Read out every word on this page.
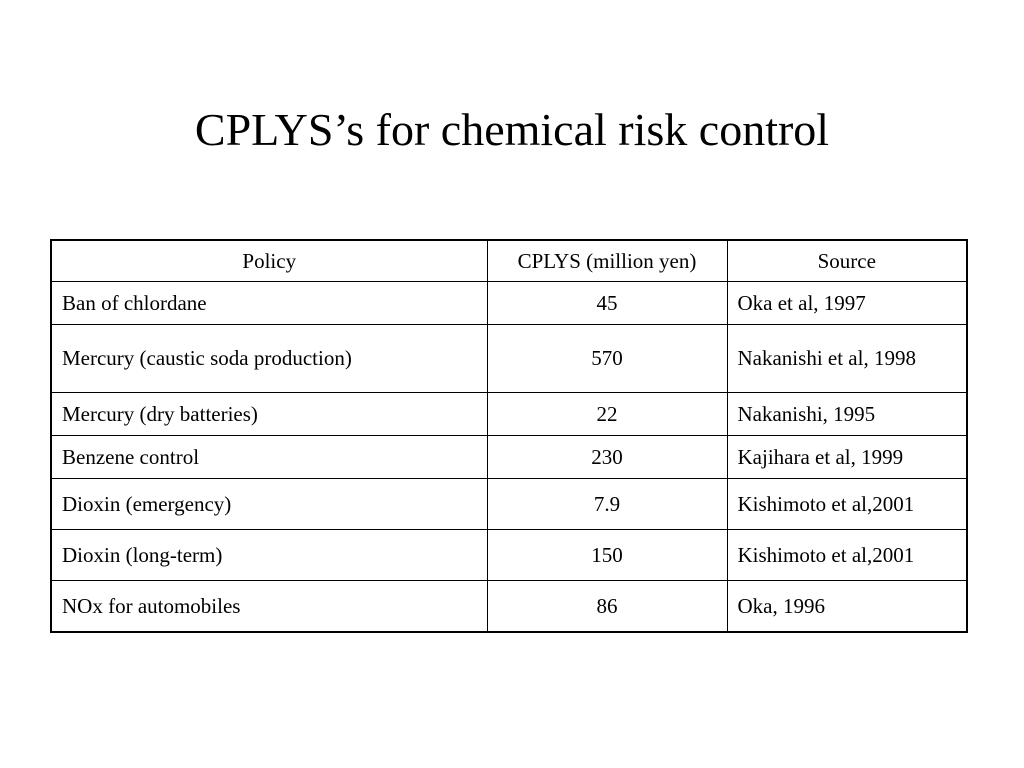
CPLYS’s for chemical risk control
Policy	CPLYS (million yen)	Source
Ban of chlordane	45	Oka et al, 1997
Mercury (caustic soda production)	570	Nakanishi et al, 1998
Mercury (dry batteries)	22	Nakanishi, 1995
Benzene control	230	Kajihara et al, 1999
Dioxin (emergency)	7.9	Kishimoto et al,2001
Dioxin (long-term)	150	Kishimoto et al,2001
NOx for automobiles	86	Oka, 1996
